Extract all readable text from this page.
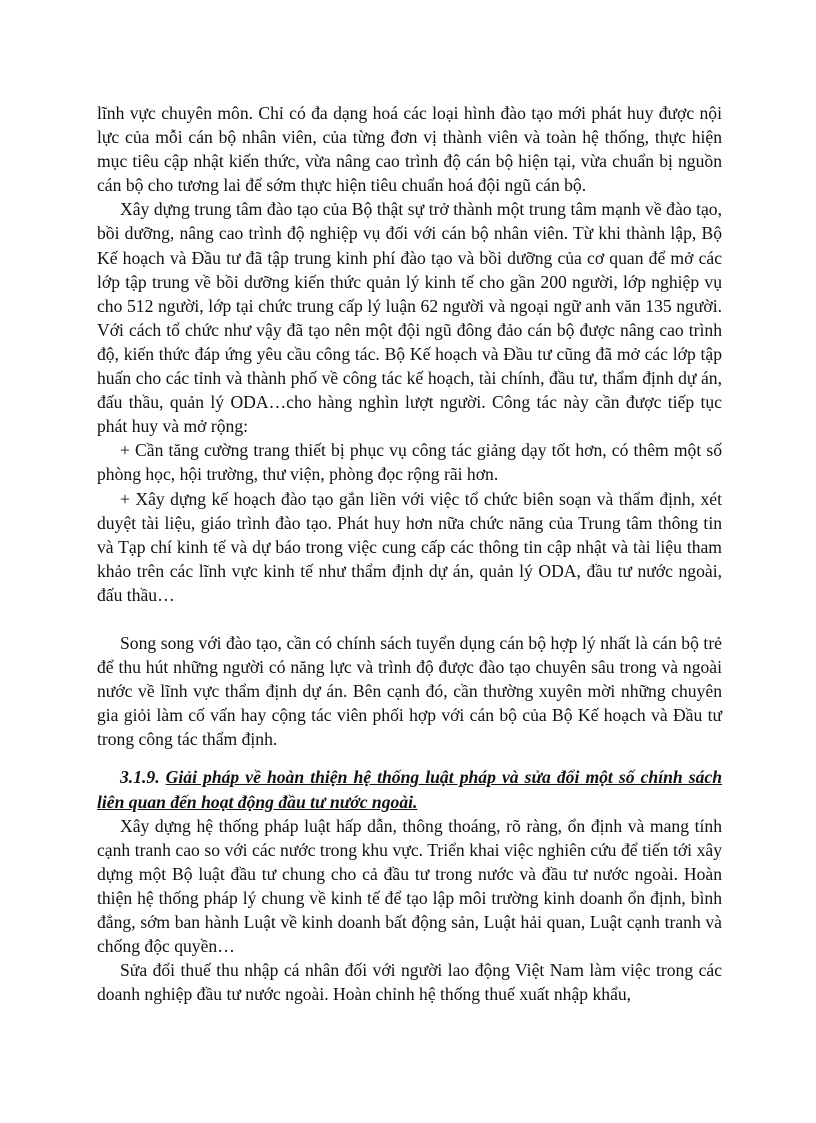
lĩnh vực chuyên môn. Chỉ có đa dạng hoá các loại hình đào tạo mới phát huy được nội lực của mỗi cán bộ nhân viên, của từng đơn vị thành viên và toàn hệ thống, thực hiện mục tiêu cập nhật kiến thức, vừa nâng cao trình độ cán bộ hiện tại, vừa chuẩn bị nguồn cán bộ cho tương lai để sớm thực hiện tiêu chuẩn hoá đội ngũ cán bộ.

Xây dựng trung tâm đào tạo của Bộ thật sự trở thành một trung tâm mạnh về đào tạo, bồi dưỡng, nâng cao trình độ nghiệp vụ đối với cán bộ nhân viên. Từ khi thành lập, Bộ Kế hoạch và Đầu tư đã tập trung kinh phí đào tạo và bồi dưỡng của cơ quan để mở các lớp tập trung về bồi dưỡng kiến thức quản lý kinh tế cho gần 200 người, lớp nghiệp vụ cho 512 người, lớp tại chức trung cấp lý luận 62 người và ngoại ngữ anh văn 135 người. Với cách tổ chức như vậy đã tạo nên một đội ngũ đông đảo cán bộ được nâng cao trình độ, kiến thức đáp ứng yêu cầu công tác. Bộ Kế hoạch và Đầu tư cũng đã mở các lớp tập huấn cho các tỉnh và thành phố về công tác kế hoạch, tài chính, đầu tư, thẩm định dự án, đấu thầu, quản lý ODA…cho hàng nghìn lượt người. Công tác này cần được tiếp tục phát huy và mở rộng:

+ Cần tăng cường trang thiết bị phục vụ công tác giảng dạy tốt hơn, có thêm một số phòng học, hội trường, thư viện, phòng đọc rộng rãi hơn.

+ Xây dựng kế hoạch đào tạo gắn liền với việc tổ chức biên soạn và thẩm định, xét duyệt tài liệu, giáo trình đào tạo. Phát huy hơn nữa chức năng của Trung tâm thông tin và Tạp chí kinh tế và dự báo trong việc cung cấp các thông tin cập nhật và tài liệu tham khảo trên các lĩnh vực kinh tế như thẩm định dự án, quản lý ODA, đầu tư nước ngoài, đấu thầu…

Song song với đào tạo, cần có chính sách tuyển dụng cán bộ hợp lý nhất là cán bộ trẻ để thu hút những người có năng lực và trình độ được đào tạo chuyên sâu trong và ngoài nước về lĩnh vực thẩm định dự án. Bên cạnh đó, cần thường xuyên mời những chuyên gia giỏi làm cố vấn hay cộng tác viên phối hợp với cán bộ của Bộ Kế hoạch và Đầu tư trong công tác thẩm định.

3.1.9. Giải pháp về hoàn thiện hệ thống luật pháp và sửa đổi một số chính sách liên quan đến hoạt động đầu tư nước ngoài.

Xây dựng hệ thống pháp luật hấp dẫn, thông thoáng, rõ ràng, ổn định và mang tính cạnh tranh cao so với các nước trong khu vực. Triển khai việc nghiên cứu để tiến tới xây dựng một Bộ luật đầu tư chung cho cả đầu tư trong nước và đầu tư nước ngoài. Hoàn thiện hệ thống pháp lý chung về kinh tế để tạo lập môi trường kinh doanh ổn định, bình đẳng, sớm ban hành Luật về kinh doanh bất động sản, Luật hải quan, Luật cạnh tranh và chống độc quyền…

Sửa đổi thuế thu nhập cá nhân đối với người lao động Việt Nam làm việc trong các doanh nghiệp đầu tư nước ngoài. Hoàn chỉnh hệ thống thuế xuất nhập khẩu,
